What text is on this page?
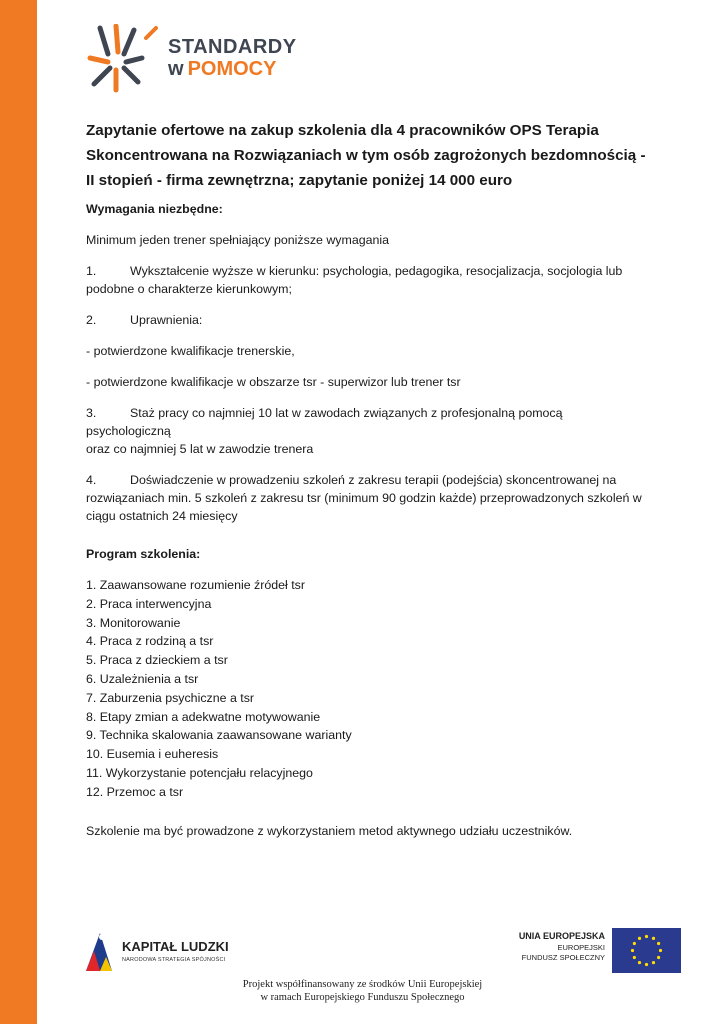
STANDARDY
w POMOCY
Zapytanie ofertowe na zakup szkolenia dla 4 pracowników OPS Terapia
Skoncentrowana na Rozwiązaniach w tym osób zagrożonych bezdomnością -
II stopień - firma zewnętrzna; zapytanie poniżej 14 000 euro

Wymagania niezbędne:

Minimum jeden trener spełniający poniższe wymagania

1.	Wykształcenie wyższe w kierunku: psychologia, pedagogika, resocjalizacja, socjologia lub
podobne o charakterze kierunkowym;

2.	Uprawnienia:

- potwierdzone kwalifikacje trenerskie,

- potwierdzone kwalifikacje w obszarze tsr - superwizor lub trener tsr

3.	Staż pracy co najmniej 10 lat w zawodach związanych z profesjonalną pomocą psychologiczną
oraz co najmniej 5 lat w zawodzie trenera

4.	Doświadczenie w prowadzeniu szkoleń z zakresu terapii (podejścia) skoncentrowanej na
rozwiązaniach min. 5 szkoleń z zakresu tsr (minimum 90 godzin każde) przeprowadzonych szkoleń w
ciągu ostatnich 24 miesięcy

Program szkolenia:

1. Zaawansowane rozumienie źródeł tsr
2. Praca interwencyjna
3. Monitorowanie
4. Praca z rodziną a tsr
5. Praca z dzieckiem a tsr
6. Uzależnienia a tsr
7. Zaburzenia psychiczne a tsr
8. Etapy zmian a adekwatne motywowanie
9. Technika skalowania zaawansowane warianty
10. Eusemia i euheresis
11. Wykorzystanie potencjału relacyjnego
12. Przemoc a tsr

Szkolenie ma być prowadzone z wykorzystaniem metod aktywnego udziału uczestników.

KAPITAŁ LUDZKI
NARODOWA STRATEGIA SPÓJNOŚCI
UNIA EUROPEJSKA
EUROPEJSKI
FUNDUSZ SPOŁECZNY
Projekt współfinansowany ze środków Unii Europejskiej
w ramach Europejskiego Funduszu Społecznego
